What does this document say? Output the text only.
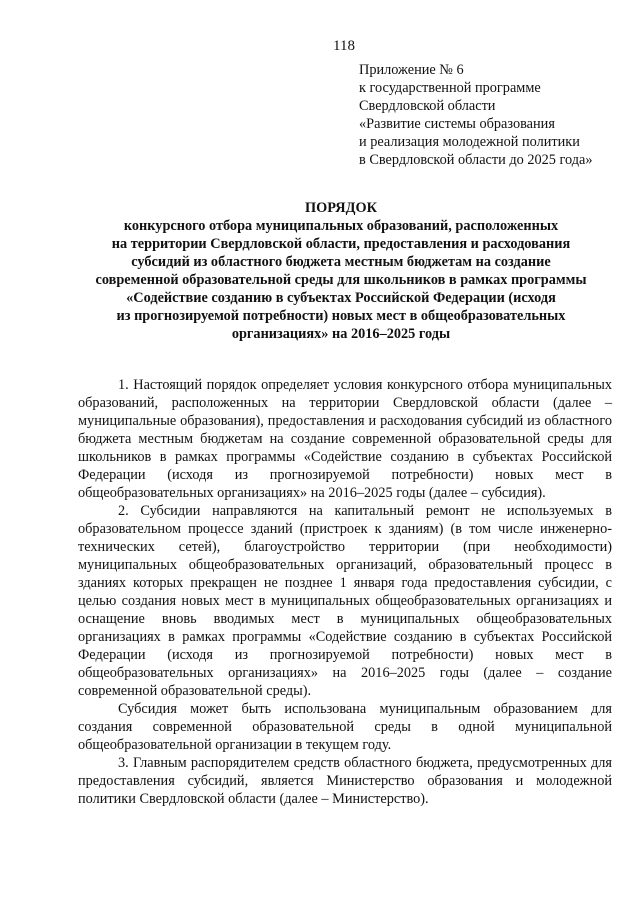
118
Приложение № 6
к государственной программе
Свердловской области
«Развитие системы образования
и реализация молодежной политики
в Свердловской области до 2025 года»
ПОРЯДОК
конкурсного отбора муниципальных образований, расположенных
на территории Свердловской области, предоставления и расходования
субсидий из областного бюджета местным бюджетам на создание
современной образовательной среды для школьников в рамках программы
«Содействие созданию в субъектах Российской Федерации (исходя
из прогнозируемой потребности) новых мест в общеобразовательных
организациях» на 2016–2025 годы

1. Настоящий порядок определяет условия конкурсного отбора муниципальных образований, расположенных на территории Свердловской области (далее – муниципальные образования), предоставления и расходования субсидий из областного бюджета местным бюджетам на создание современной образовательной среды для школьников в рамках программы «Содействие созданию в субъектах Российской Федерации (исходя из прогнозируемой потребности) новых мест в общеобразовательных организациях» на 2016–2025 годы (далее – субсидия).

2. Субсидии направляются на капитальный ремонт не используемых в образовательном процессе зданий (пристроек к зданиям) (в том числе инженерно-технических сетей), благоустройство территории (при необходимости) муниципальных общеобразовательных организаций, образовательный процесс в зданиях которых прекращен не позднее 1 января года предоставления субсидии, с целью создания новых мест в муниципальных общеобразовательных организациях и оснащение вновь вводимых мест в муниципальных общеобразовательных организациях в рамках программы «Содействие созданию в субъектах Российской Федерации (исходя из прогнозируемой потребности) новых мест в общеобразовательных организациях» на 2016–2025 годы (далее – создание современной образовательной среды).

Субсидия может быть использована муниципальным образованием для создания современной образовательной среды в одной муниципальной общеобразовательной организации в текущем году.

3. Главным распорядителем средств областного бюджета, предусмотренных для предоставления субсидий, является Министерство образования и молодежной политики Свердловской области (далее – Министерство).
